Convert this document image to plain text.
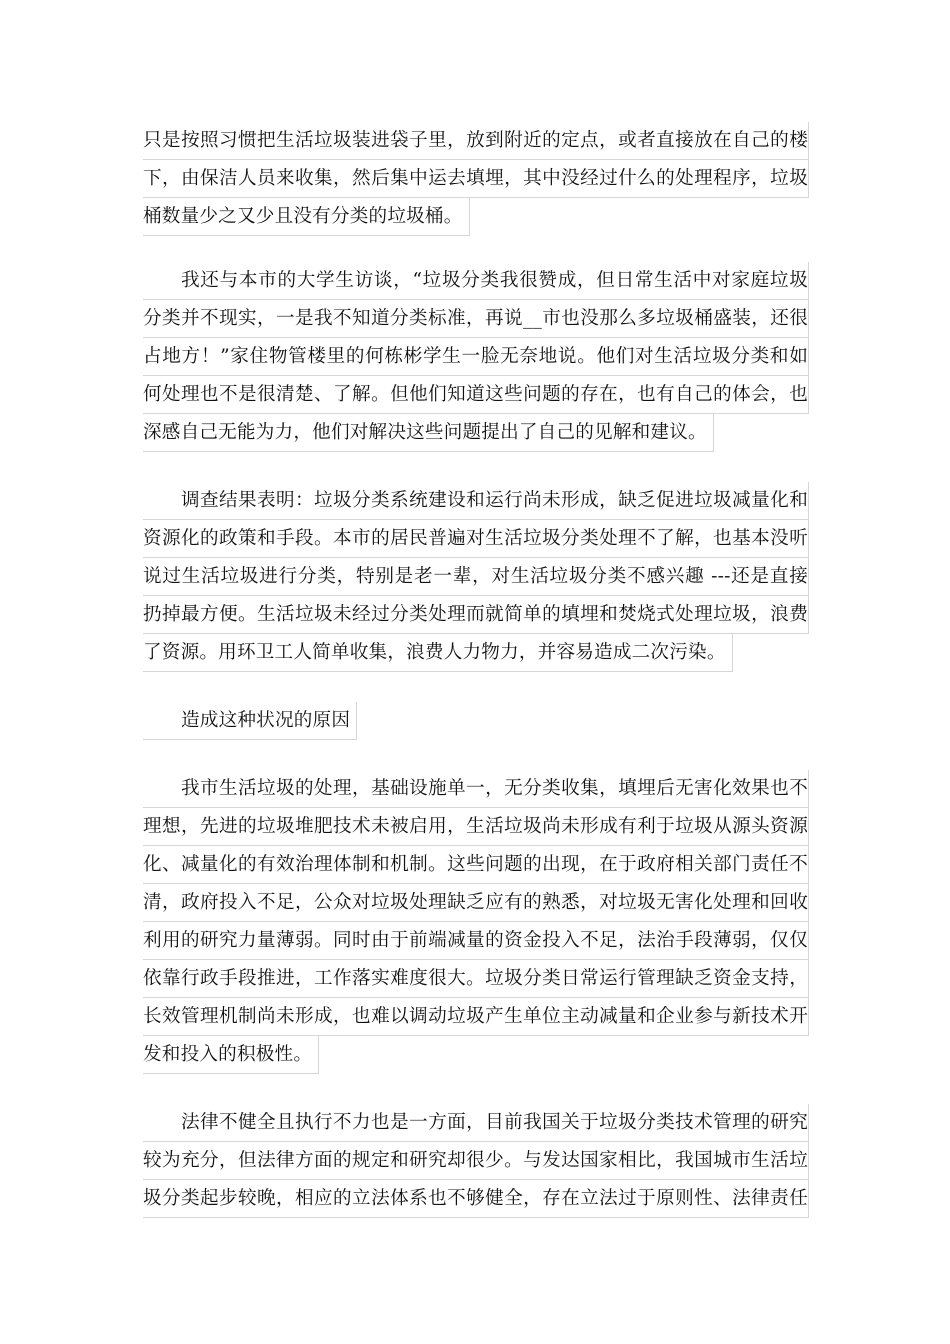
只是按照习惯把生活垃圾装进袋子里，放到附近的定点，或者直接放在自己的楼
下，由保洁人员来收集，然后集中运去填埋，其中没经过什么的处理程序，垃圾
桶数量少之又少且没有分类的垃圾桶。
我还与本市的大学生访谈，“垃圾分类我很赞成，但日常生活中对家庭垃圾
分类并不现实，一是我不知道分类标准，再说__市也没那么多垃圾桶盛装，还很
占地方！”家住物管楼里的何栋彬学生一脸无奈地说。他们对生活垃圾分类和如
何处理也不是很清楚、了解。但他们知道这些问题的存在，也有自己的体会，也
深感自己无能为力，他们对解决这些问题提出了自己的见解和建议。
调查结果表明：垃圾分类系统建设和运行尚未形成，缺乏促进垃圾减量化和
资源化的政策和手段。本市的居民普遍对生活垃圾分类处理不了解，也基本没听
说过生活垃圾进行分类，特别是老一辈，对生活垃圾分类不感兴趣 ---还是直接
扔掉最方便。生活垃圾未经过分类处理而就简单的填埋和焚烧式处理垃圾，浪费
了资源。用环卫工人简单收集，浪费人力物力，并容易造成二次污染。
造成这种状况的原因
我市生活垃圾的处理，基础设施单一，无分类收集，填埋后无害化效果也不
理想，先进的垃圾堆肥技术未被启用，生活垃圾尚未形成有利于垃圾从源头资源
化、减量化的有效治理体制和机制。这些问题的出现，在于政府相关部门责任不
清，政府投入不足，公众对垃圾处理缺乏应有的熟悉，对垃圾无害化处理和回收
利用的研究力量薄弱。同时由于前端减量的资金投入不足，法治手段薄弱，仅仅
依靠行政手段推进，工作落实难度很大。垃圾分类日常运行管理缺乏资金支持，
长效管理机制尚未形成，也难以调动垃圾产生单位主动减量和企业参与新技术开
发和投入的积极性。
法律不健全且执行不力也是一方面，目前我国关于垃圾分类技术管理的研究
较为充分，但法律方面的规定和研究却很少。与发达国家相比，我国城市生活垃
圾分类起步较晚，相应的立法体系也不够健全，存在立法过于原则性、法律责任
